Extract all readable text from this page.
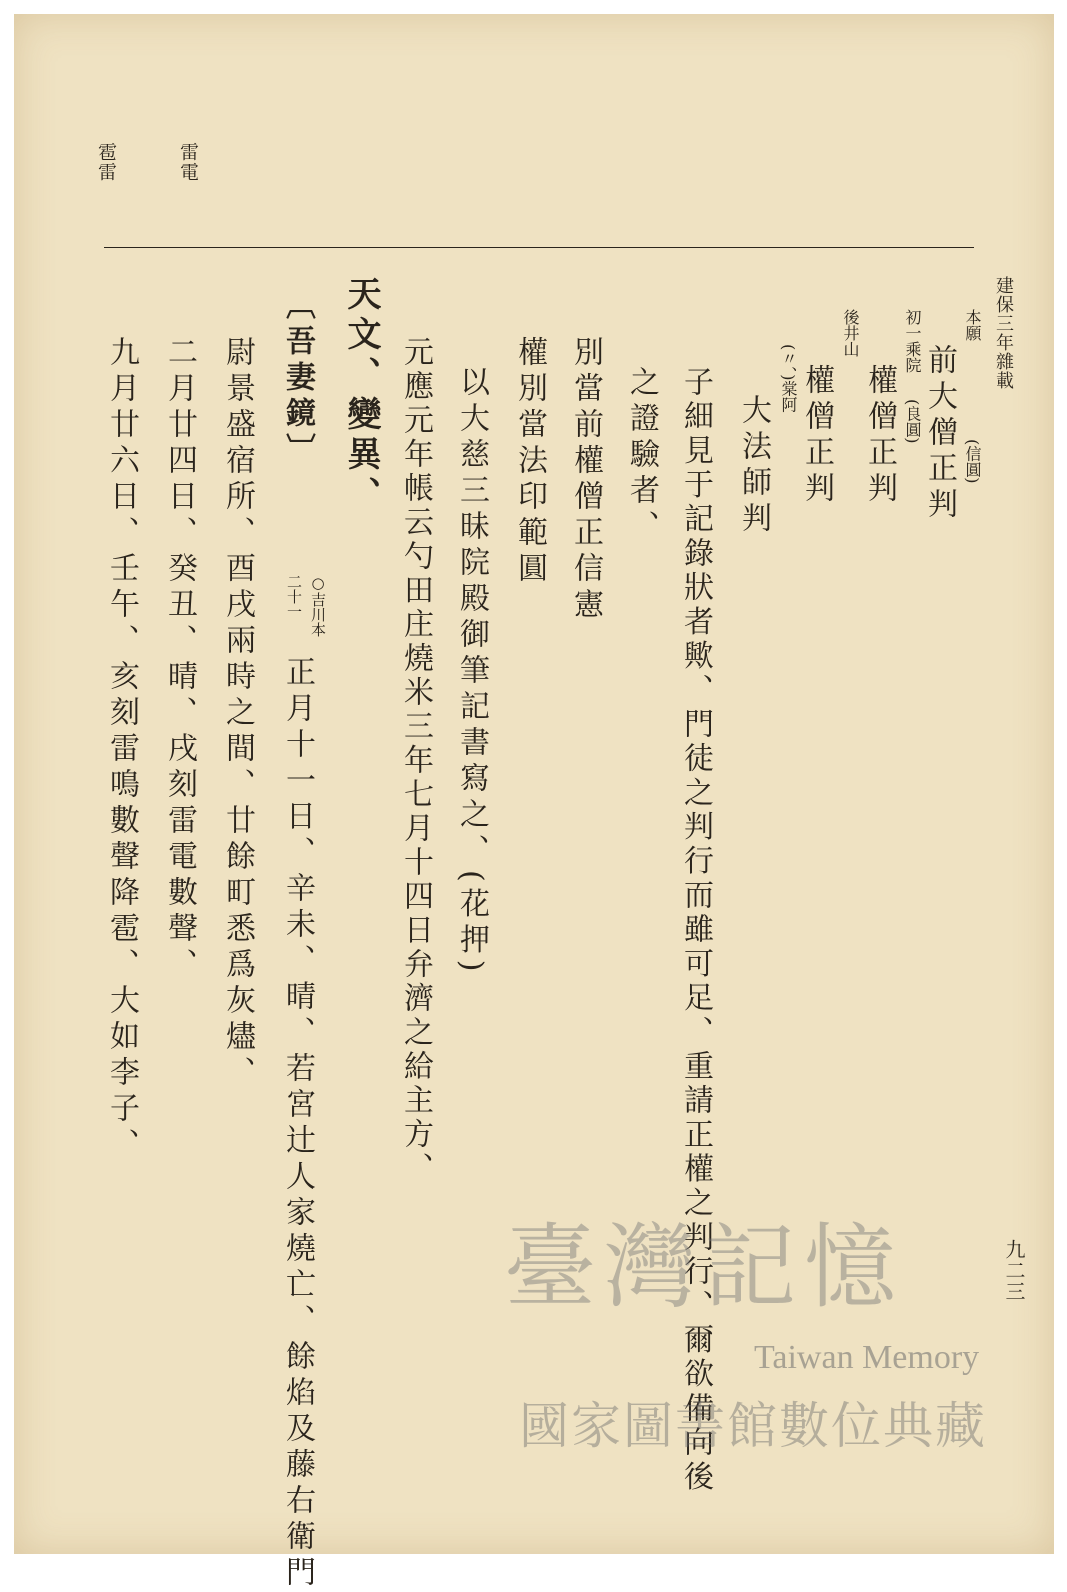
雷電
雹雷
建保三年雜載
本願
前大僧正判 (信圓)
初一乘院
權僧正判 (良圓)
後井山
權僧正判
(〃、)棠阿
大法師判
子細見于記錄狀者歟、門徒之判行而雖可足、重請正權之判行、爾欲備向後
之證驗者、
別當前權僧正信憲
權別當法印範圓
以大慈三昧院殿御筆記書寫之、(花押)
元應元年帳云勺田庄燒米三年七月十四日弁濟之給主方、
天文、變異、
〔吾妻鏡〕
○吉川本
二十一
正月十一日、辛未、晴、若宮辻人家燒亡、餘焰及藤右衛門
尉景盛宿所、酉戌兩時之間、廿餘町悉爲灰燼、
二月廿四日、癸丑、晴、戌刻雷電數聲、
九月廿六日、壬午、亥刻雷鳴數聲降雹、大如李子、
九二三
臺灣記憶
Taiwan Memory
國家圖書館數位典藏
